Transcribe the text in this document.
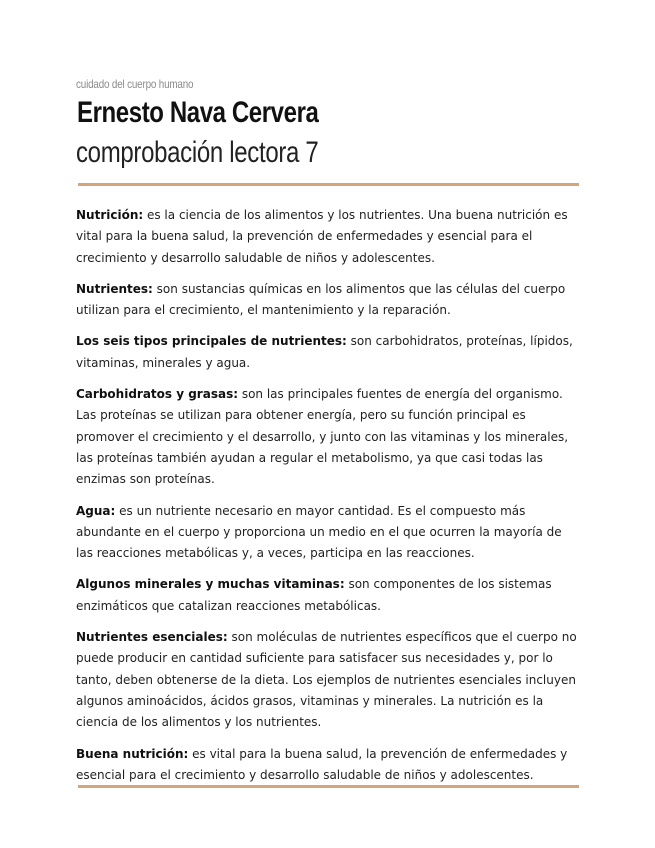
cuidado del cuerpo humano
Ernesto Nava Cervera
comprobación lectora 7

Nutrición: es la ciencia de los alimentos y los nutrientes. Una buena nutrición es vital para la buena salud, la prevención de enfermedades y esencial para el crecimiento y desarrollo saludable de niños y adolescentes.

Nutrientes: son sustancias químicas en los alimentos que las células del cuerpo utilizan para el crecimiento, el mantenimiento y la reparación.

Los seis tipos principales de nutrientes: son carbohidratos, proteínas, lípidos, vitaminas, minerales y agua.

Carbohidratos y grasas: son las principales fuentes de energía del organismo. Las proteínas se utilizan para obtener energía, pero su función principal es promover el crecimiento y el desarrollo, y junto con las vitaminas y los minerales, las proteínas también ayudan a regular el metabolismo, ya que casi todas las enzimas son proteínas.

Agua: es un nutriente necesario en mayor cantidad. Es el compuesto más abundante en el cuerpo y proporciona un medio en el que ocurren la mayoría de las reacciones metabólicas y, a veces, participa en las reacciones.

Algunos minerales y muchas vitaminas: son componentes de los sistemas enzimáticos que catalizan reacciones metabólicas.

Nutrientes esenciales: son moléculas de nutrientes específicos que el cuerpo no puede producir en cantidad suficiente para satisfacer sus necesidades y, por lo tanto, deben obtenerse de la dieta. Los ejemplos de nutrientes esenciales incluyen algunos aminoácidos, ácidos grasos, vitaminas y minerales. La nutrición es la ciencia de los alimentos y los nutrientes.

Buena nutrición: es vital para la buena salud, la prevención de enfermedades y esencial para el crecimiento y desarrollo saludable de niños y adolescentes.
